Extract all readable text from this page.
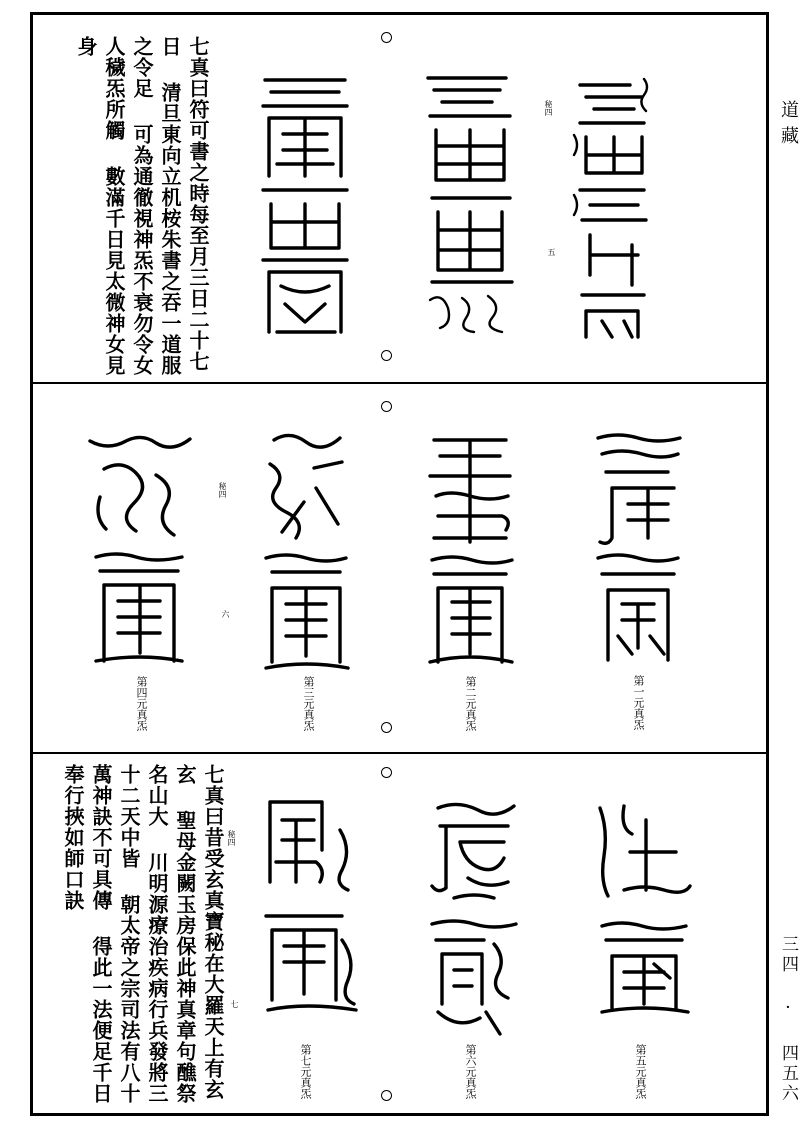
道藏
三四 · 四五六
七真曰符可書之時每至月三日二十七日 清旦東向立机桉朱書之吞一道服之令足 可為通徹視神炁不衰勿令女人穢炁所觸 數滿千日見太微神女見身
秘四
五
秘四
六
第一元真炁
第二元真炁
第三元真炁
第四元真炁
七真曰昔受玄真寶秘在大羅天上有玄玄 聖母金闕玉房保此神真章句醮祭名山大 川明源療治疾病行兵發將三十二天中皆 朝太帝之宗司法有八十萬神訣不可具傳 得此一法便足千日奉行挾如師口訣	秘四
七
第五元真炁
第六元真炁
第七元真炁
